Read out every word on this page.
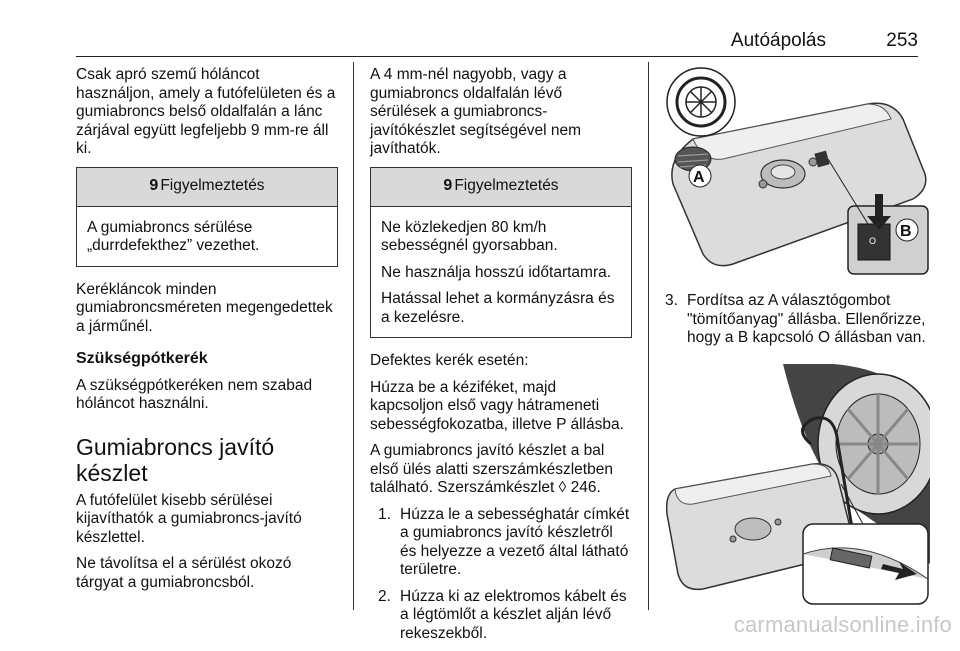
Autóápolás	253

Csak apró szemű hóláncot használjon, amely a futófelületen és a gumiabroncs belső oldalfalán a lánc zárjával együtt legfeljebb 9 mm-re áll ki.

9 Figyelmeztetés

A gumiabroncs sérülése „durrdefekthez” vezethet.

Kerékláncok minden gumiabroncsméreten megengedettek a járműnél.

Szükségpótkerék

A szükségpótkeréken nem szabad hóláncot használni.

Gumiabroncs javító készlet

A futófelület kisebb sérülései kijavíthatók a gumiabroncs-javító készlettel.

Ne távolítsa el a sérülést okozó tárgyat a gumiabroncsból.

A 4 mm-nél nagyobb, vagy a gumiabroncs oldalfalán lévő sérülések a gumiabroncs-javítókészlet segítségével nem javíthatók.

9 Figyelmeztetés

Ne közlekedjen 80 km/h sebességnél gyorsabban.

Ne használja hosszú időtartamra.

Hatással lehet a kormányzásra és a kezelésre.

Defektes kerék esetén:

Húzza be a kéziféket, majd kapcsoljon első vagy hátrameneti sebességfokozatba, illetve P állásba.

A gumiabroncs javító készlet a bal első ülés alatti szerszámkészletben található. Szerszámkészlet ◊ 246.

1. Húzza le a sebességhatár címkét a gumiabroncs javító készletről és helyezze a vezető által látható területre.
2. Húzza ki az elektromos kábelt és a légtömlőt a készlet alján lévő rekeszekből.
O
A
B
3. Fordítsa az A választógombot "tömítőanyag" állásba. Ellenőrizze, hogy a B kapcsoló O állásban van.
carmanualsonline.info
